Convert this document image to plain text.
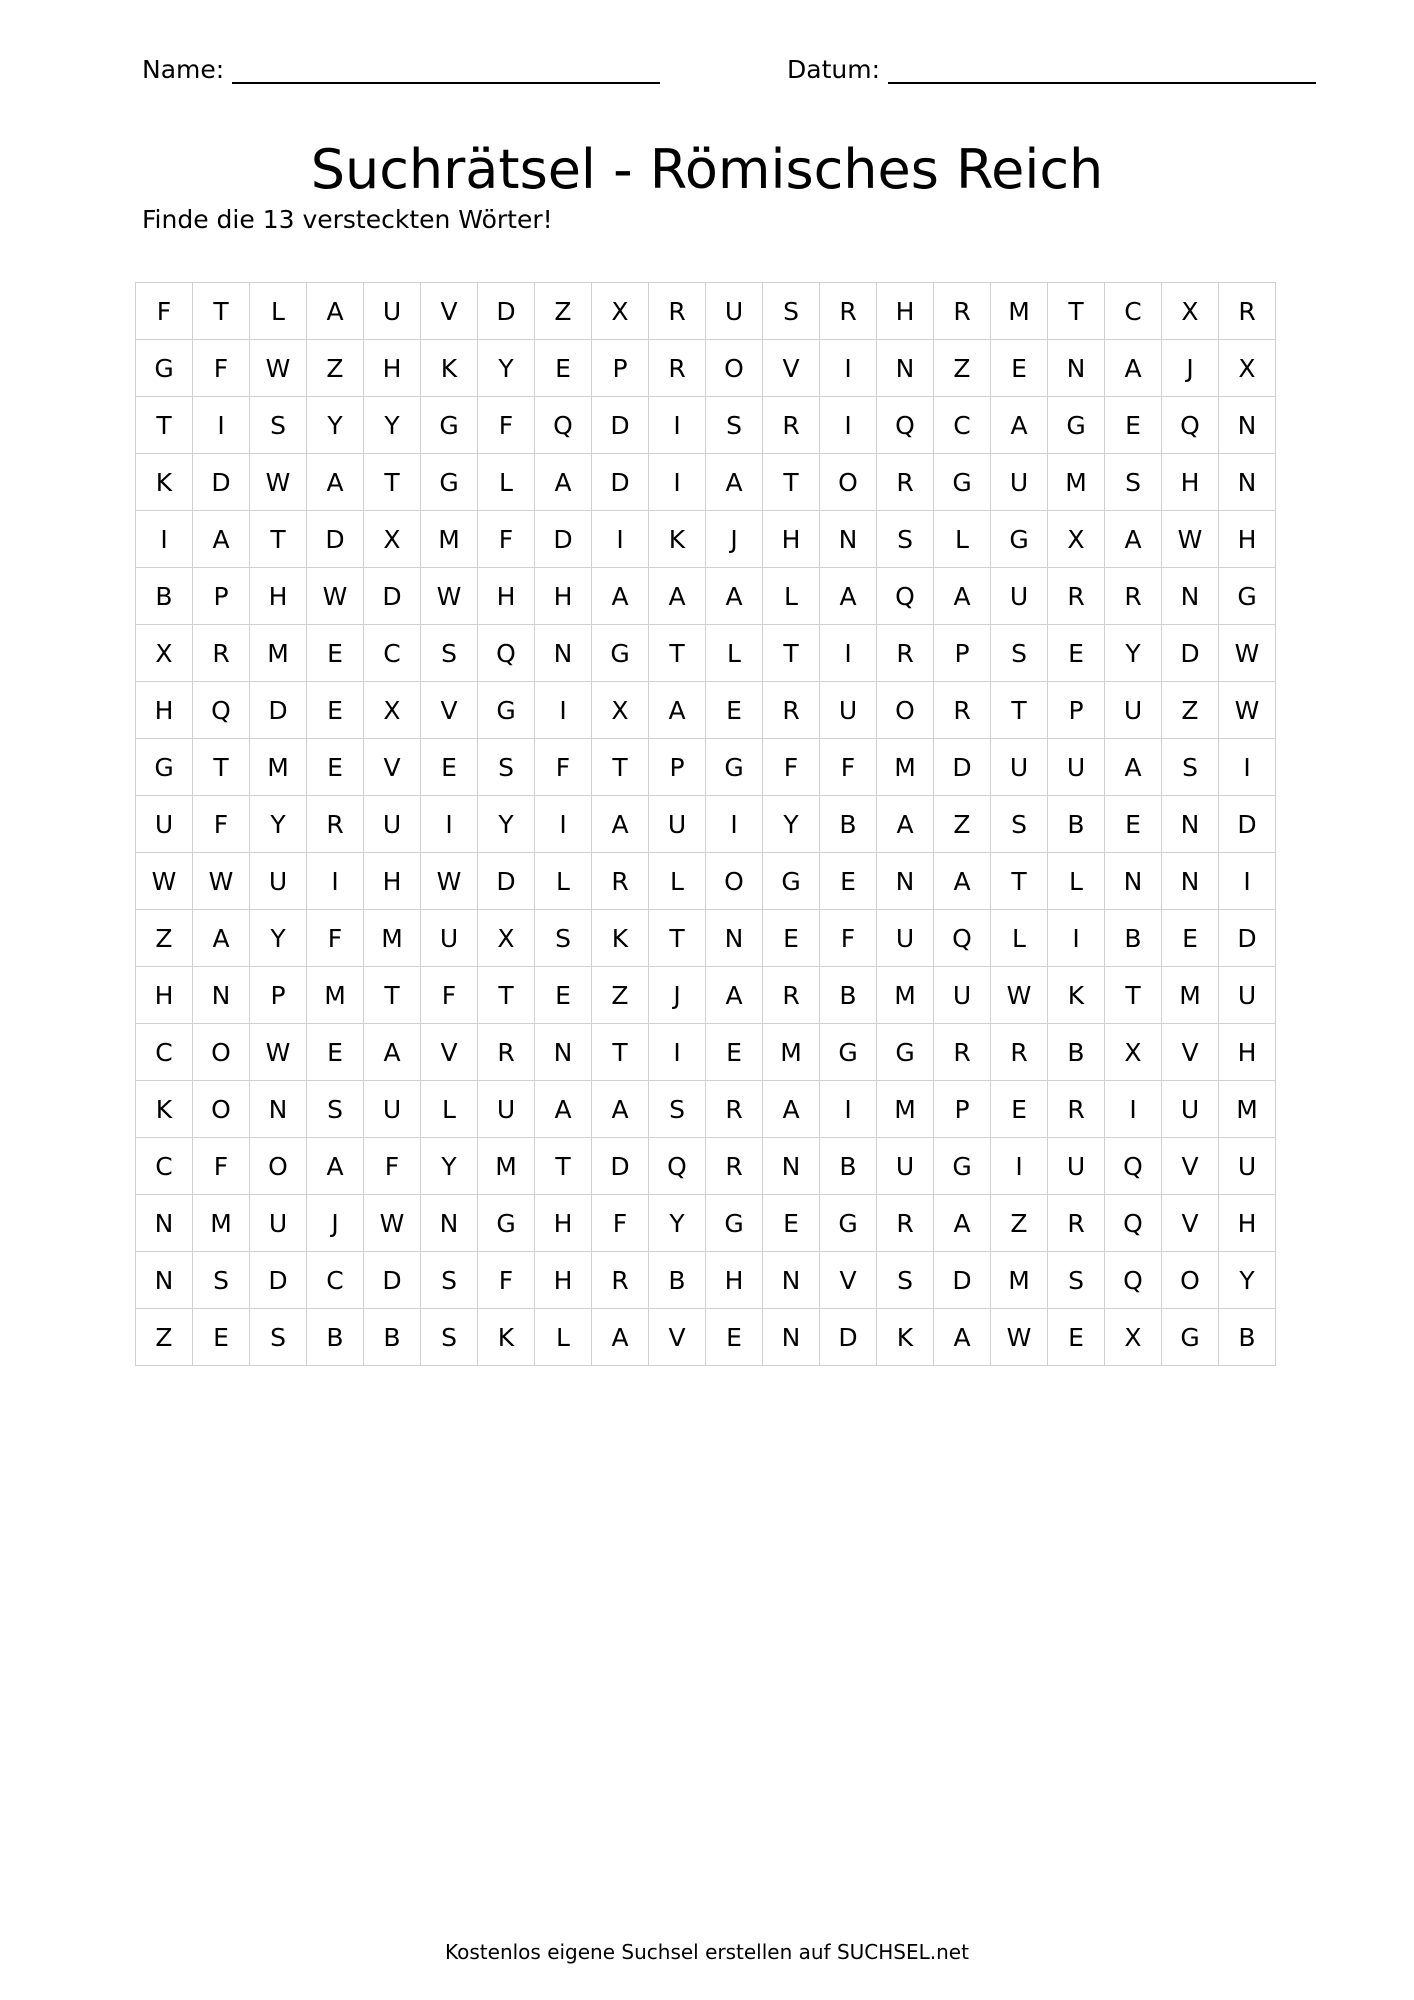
Name:	Datum:
Suchrätsel - Römisches Reich
Finde die 13 versteckten Wörter!
F	T	L	A	U	V	D	Z	X	R	U	S	R	H	R	M	T	C	X	R
G	F	W	Z	H	K	Y	E	P	R	O	V	I	N	Z	E	N	A	J	X
T	I	S	Y	Y	G	F	Q	D	I	S	R	I	Q	C	A	G	E	Q	N
K	D	W	A	T	G	L	A	D	I	A	T	O	R	G	U	M	S	H	N
I	A	T	D	X	M	F	D	I	K	J	H	N	S	L	G	X	A	W	H
B	P	H	W	D	W	H	H	A	A	A	L	A	Q	A	U	R	R	N	G
X	R	M	E	C	S	Q	N	G	T	L	T	I	R	P	S	E	Y	D	W
H	Q	D	E	X	V	G	I	X	A	E	R	U	O	R	T	P	U	Z	W
G	T	M	E	V	E	S	F	T	P	G	F	F	M	D	U	U	A	S	I
U	F	Y	R	U	I	Y	I	A	U	I	Y	B	A	Z	S	B	E	N	D
W	W	U	I	H	W	D	L	R	L	O	G	E	N	A	T	L	N	N	I
Z	A	Y	F	M	U	X	S	K	T	N	E	F	U	Q	L	I	B	E	D
H	N	P	M	T	F	T	E	Z	J	A	R	B	M	U	W	K	T	M	U
C	O	W	E	A	V	R	N	T	I	E	M	G	G	R	R	B	X	V	H
K	O	N	S	U	L	U	A	A	S	R	A	I	M	P	E	R	I	U	M
C	F	O	A	F	Y	M	T	D	Q	R	N	B	U	G	I	U	Q	V	U
N	M	U	J	W	N	G	H	F	Y	G	E	G	R	A	Z	R	Q	V	H
N	S	D	C	D	S	F	H	R	B	H	N	V	S	D	M	S	Q	O	Y
Z	E	S	B	B	S	K	L	A	V	E	N	D	K	A	W	E	X	G	B
Kostenlos eigene Suchsel erstellen auf SUCHSEL.net
